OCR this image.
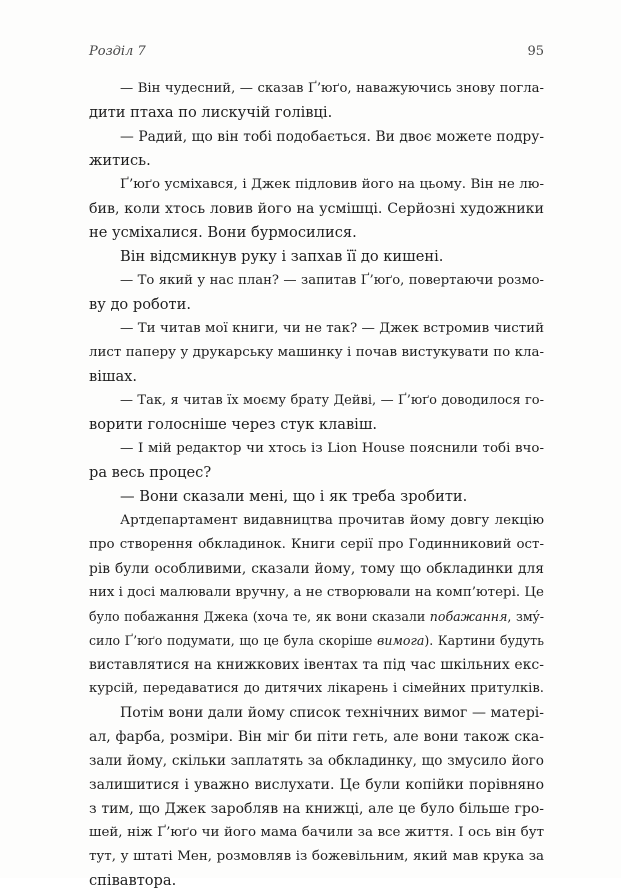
Розділ 7	95
— Він чудесний, — сказав Ґ’юґо, наважуючись знову погла-
дити птаха по лискучій голівці.
— Радий, що він тобі подобається. Ви двоє можете подру-
житись.
Ґ’юґо усміхався, і Джек підловив його на цьому. Він не лю-
бив, коли хтось ловив його на усмішці. Серйозні художники
не усміхалися. Вони бурмосилися.
Він відсмикнув руку і запхав її до кишені.
— То який у нас план? — запитав Ґ’юґо, повертаючи розмо-
ву до роботи.
— Ти читав мої книги, чи не так? — Джек встромив чистий
лист паперу у друкарську машинку і почав вистукувати по кла-
вішах.
— Так, я читав їх моєму брату Дейві, — Ґ’юґо доводилося го-
ворити голосніше через стук клавіш.
— І мій редактор чи хтось із Lion House пояснили тобі вчо-
ра весь процес?
— Вони сказали мені, що і як треба зробити.
Артдепартамент видавництва прочитав йому довгу лекцію
про створення обкладинок. Книги серії про Годинниковий ост-
рів були особливими, сказали йому, тому що обкладинки для
них і досі малювали вручну, а не створювали на комп’ютері. Це
було побажання Джека (хоча те, як вони сказали побажання, змý-
сило Ґ’юґо подумати, що це була скоріше вимога). Картини будуть
виставлятися на книжкових івентах та під час шкільних екс-
курсій, передаватися до дитячих лікарень і сімейних притулків.
Потім вони дали йому список технічних вимог — матері-
ал, фарба, розміри. Він міг би піти геть, але вони також ска-
зали йому, скільки заплатять за обкладинку, що змусило його
залишитися і уважно вислухати. Це були копійки порівняно
з тим, що Джек заробляв на книжці, але це було більше гро-
шей, ніж Ґ’юґо чи його мама бачили за все життя. І ось він бут
тут, у штаті Мен, розмовляв із божевільним, який мав крука за
співавтора.
